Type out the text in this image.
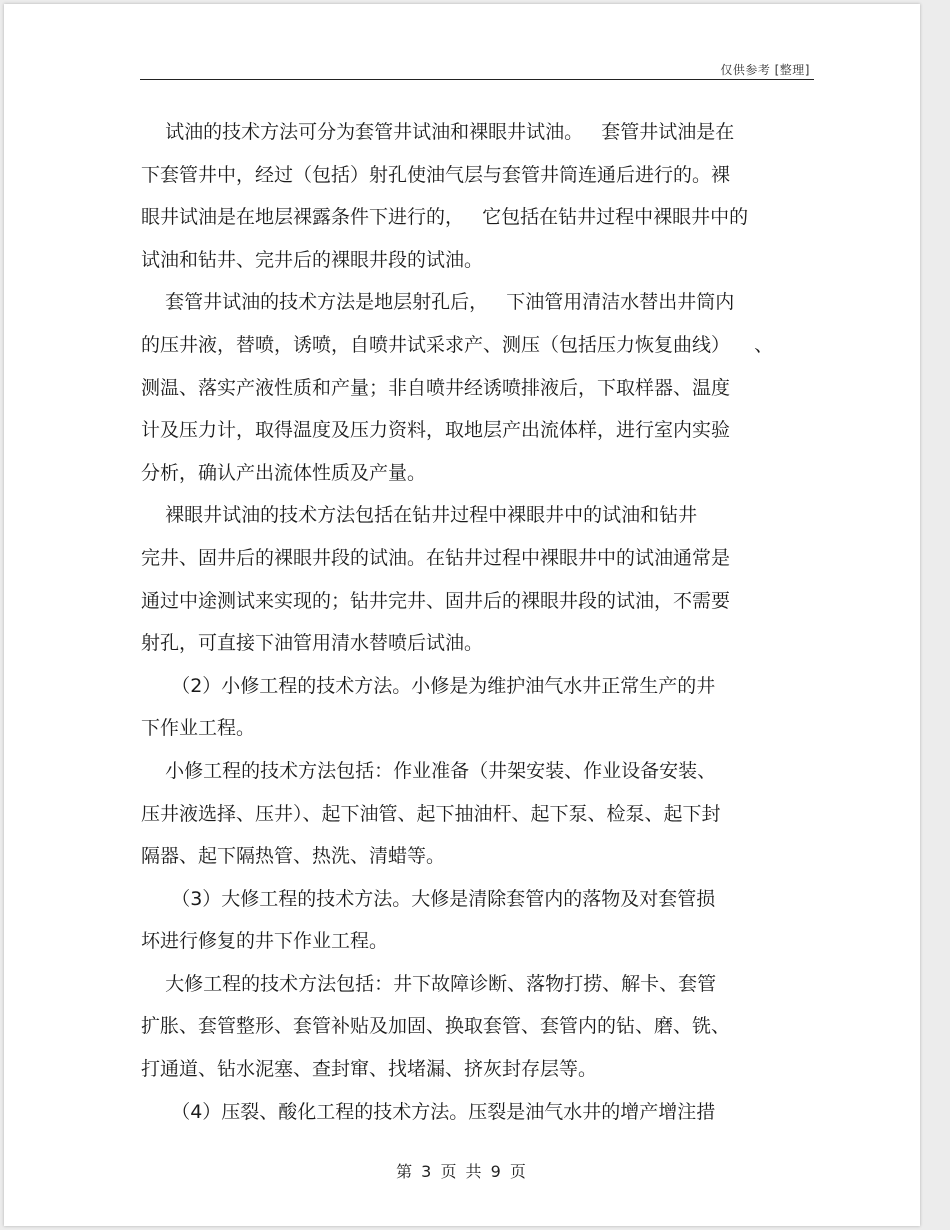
仅供参考 [整理]
试油的技术方法可分为套管井试油和裸眼井试油。   套管井试油是在
下套管井中，经过（包括）射孔使油气层与套管井筒连通后进行的。裸
眼井试油是在地层裸露条件下进行的，   它包括在钻井过程中裸眼井中的
试油和钻井、完井后的裸眼井段的试油。
套管井试油的技术方法是地层射孔后，   下油管用清洁水替出井筒内
的压井液，替喷，诱喷，自喷井试采求产、测压（包括压力恢复曲线）    、
测温、落实产液性质和产量；非自喷井经诱喷排液后，下取样器、温度
计及压力计，取得温度及压力资料，取地层产出流体样，进行室内实验
分析，确认产出流体性质及产量。
裸眼井试油的技术方法包括在钻井过程中裸眼井中的试油和钻井
完井、固井后的裸眼井段的试油。在钻井过程中裸眼井中的试油通常是
通过中途测试来实现的；钻井完井、固井后的裸眼井段的试油，不需要
射孔，可直接下油管用清水替喷后试油。
（2）小修工程的技术方法。小修是为维护油气水井正常生产的井
下作业工程。
小修工程的技术方法包括：作业准备（井架安装、作业设备安装、
压井液选择、压井）、起下油管、起下抽油杆、起下泵、检泵、起下封
隔器、起下隔热管、热洗、清蜡等。
（3）大修工程的技术方法。大修是清除套管内的落物及对套管损
坏进行修复的井下作业工程。
大修工程的技术方法包括：井下故障诊断、落物打捞、解卡、套管
扩胀、套管整形、套管补贴及加固、换取套管、套管内的钻、磨、铣、
打通道、钻水泥塞、查封窜、找堵漏、挤灰封存层等。
（4）压裂、酸化工程的技术方法。压裂是油气水井的增产增注措
第 3 页 共 9 页
